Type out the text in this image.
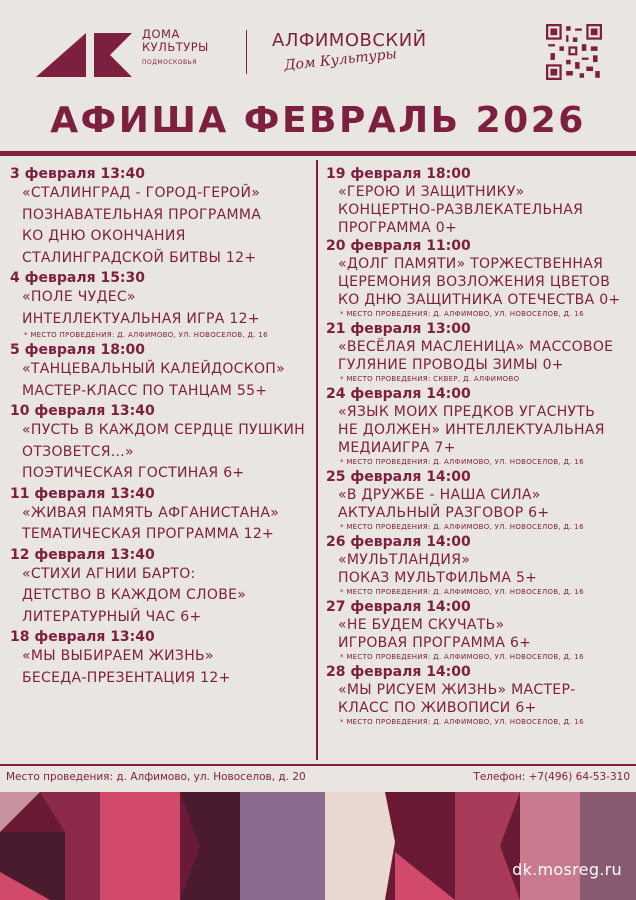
ДОМА
КУЛЬТУРЫ
ПОДМОСКОВЬЯ
АЛФИМОВСКИЙ
Дом Культуры
АФИША ФЕВРАЛЬ 2026
3 февраля 13:40
«СТАЛИНГРАД - ГОРОД-ГЕРОЙ»
ПОЗНАВАТЕЛЬНАЯ ПРОГРАММА
КО ДНЮ ОКОНЧАНИЯ
СТАЛИНГРАДСКОЙ БИТВЫ 12+
4 февраля 15:30
«ПОЛЕ ЧУДЕС»
ИНТЕЛЛЕКТУАЛЬНАЯ ИГРА 12+
* МЕСТО ПРОВЕДЕНИЯ: Д. АЛФИМОВО, УЛ. НОВОСЕЛОВ, Д. 16
5 февраля 18:00
«ТАНЦЕВАЛЬНЫЙ КАЛЕЙДОСКОП»
МАСТЕР-КЛАСС ПО ТАНЦАМ 55+
10 февраля 13:40
«ПУСТЬ В КАЖДОМ СЕРДЦЕ ПУШКИН
ОТЗОВЕТСЯ...»
ПОЭТИЧЕСКАЯ ГОСТИНАЯ 6+
11 февраля 13:40
«ЖИВАЯ ПАМЯТЬ АФГАНИСТАНА»
ТЕМАТИЧЕСКАЯ ПРОГРАММА 12+
12 февраля 13:40
«СТИХИ АГНИИ БАРТО:
ДЕТСТВО В КАЖДОМ СЛОВЕ»
ЛИТЕРАТУРНЫЙ ЧАС 6+
18 февраля 13:40
«МЫ ВЫБИРАЕМ ЖИЗНЬ»
БЕСЕДА-ПРЕЗЕНТАЦИЯ 12+
19 февраля 18:00
«ГЕРОЮ И ЗАЩИТНИКУ»
КОНЦЕРТНО-РАЗВЛЕКАТЕЛЬНАЯ
ПРОГРАММА 0+
20 февраля 11:00
«ДОЛГ ПАМЯТИ» ТОРЖЕСТВЕННАЯ
ЦЕРЕМОНИЯ ВОЗЛОЖЕНИЯ ЦВЕТОВ
КО ДНЮ ЗАЩИТНИКА ОТЕЧЕСТВА 0+
* МЕСТО ПРОВЕДЕНИЯ: Д. АЛФИМОВО, УЛ. НОВОСЕЛОВ, Д. 16
21 февраля 13:00
«ВЕСЁЛАЯ МАСЛЕНИЦА» МАССОВОЕ
ГУЛЯНИЕ ПРОВОДЫ ЗИМЫ 0+
* МЕСТО ПРОВЕДЕНИЯ: СКВЕР, Д. АЛФИМОВО
24 февраля 14:00
«ЯЗЫК МОИХ ПРЕДКОВ УГАСНУТЬ
НЕ ДОЛЖЕН» ИНТЕЛЛЕКТУАЛЬНАЯ
МЕДИАИГРА 7+
* МЕСТО ПРОВЕДЕНИЯ: Д. АЛФИМОВО, УЛ. НОВОСЕЛОВ, Д. 16
25 февраля 14:00
«В ДРУЖБЕ - НАША СИЛА»
АКТУАЛЬНЫЙ РАЗГОВОР 6+
* МЕСТО ПРОВЕДЕНИЯ: Д. АЛФИМОВО, УЛ. НОВОСЕЛОВ, Д. 16
26 февраля 14:00
«МУЛЬТЛАНДИЯ»
ПОКАЗ МУЛЬТФИЛЬМА 5+
* МЕСТО ПРОВЕДЕНИЯ: Д. АЛФИМОВО, УЛ. НОВОСЕЛОВ, Д. 16
27 февраля 14:00
«НЕ БУДЕМ СКУЧАТЬ»
ИГРОВАЯ ПРОГРАММА 6+
* МЕСТО ПРОВЕДЕНИЯ: Д. АЛФИМОВО, УЛ. НОВОСЕЛОВ, Д. 16
28 февраля 14:00
«МЫ РИСУЕМ ЖИЗНЬ» МАСТЕР-
КЛАСС ПО ЖИВОПИСИ 6+
* МЕСТО ПРОВЕДЕНИЯ: Д. АЛФИМОВО, УЛ. НОВОСЕЛОВ, Д. 16
Место проведения: д. Алфимово, ул. Новоселов, д. 20	Телефон: +7(496) 64-53-310
dk.mosreg.ru
